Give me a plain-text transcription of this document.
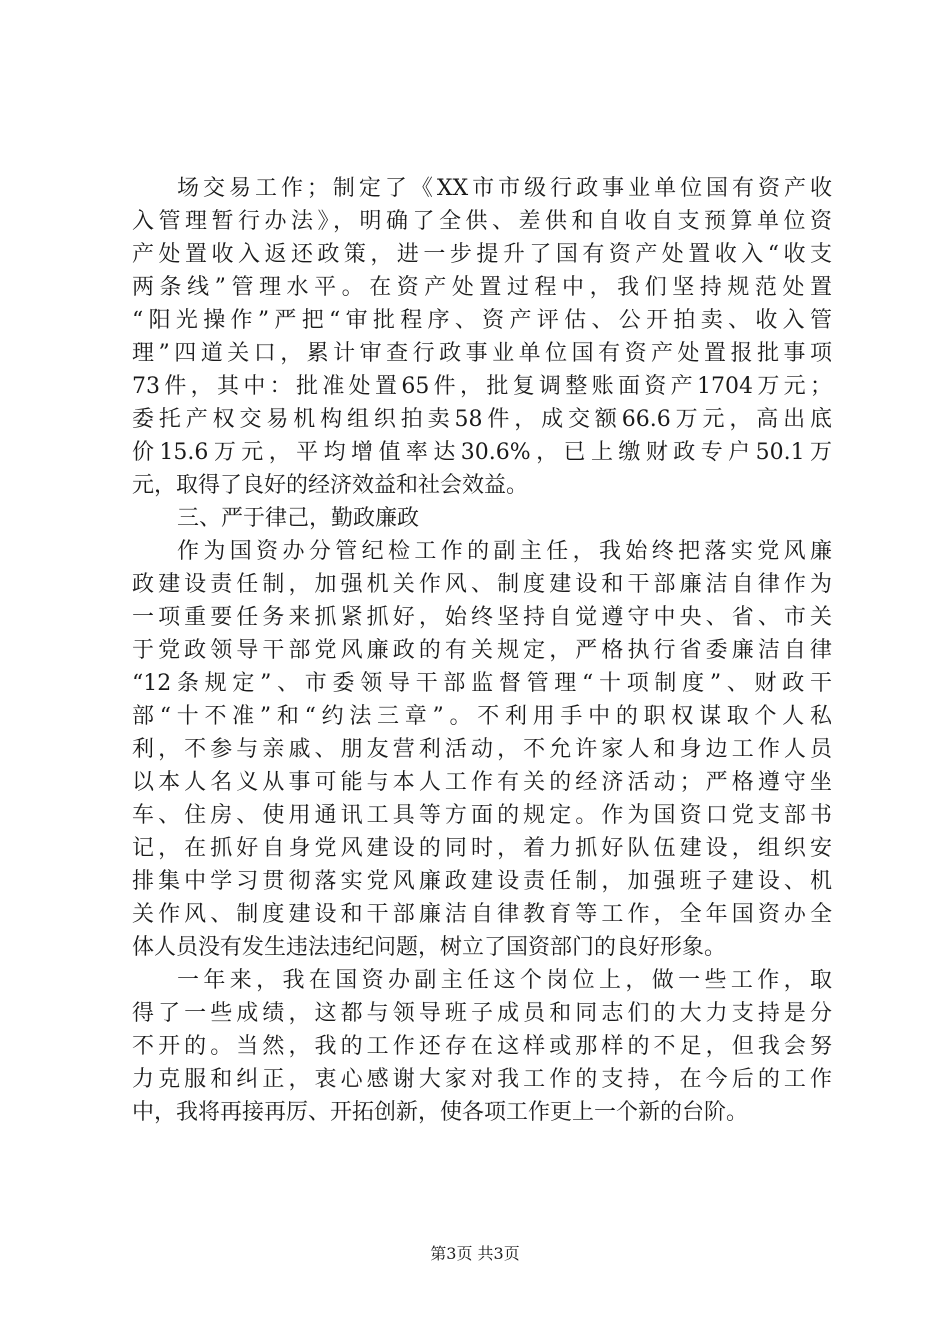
场交易工作；制定了《XX市市级行政事业单位国有资产收
入管理暂行办法》，明确了全供、差供和自收自支预算单位资
产处置收入返还政策，进一步提升了国有资产处置收入“收支
两条线”管理水平。在资产处置过程中，我们坚持规范处置
“阳光操作”严把“审批程序、资产评估、公开拍卖、收入管
理”四道关口，累计审查行政事业单位国有资产处置报批事项
73件，其中：批准处置65件，批复调整账面资产1704万元；
委托产权交易机构组织拍卖58件，成交额66.6万元，高出底
价15.6万元，平均增值率达30.6%，已上缴财政专户50.1万
元，取得了良好的经济效益和社会效益。
三、严于律己，勤政廉政
作为国资办分管纪检工作的副主任，我始终把落实党风廉
政建设责任制，加强机关作风、制度建设和干部廉洁自律作为
一项重要任务来抓紧抓好，始终坚持自觉遵守中央、省、市关
于党政领导干部党风廉政的有关规定，严格执行省委廉洁自律
“12条规定”、市委领导干部监督管理“十项制度”、财政干
部“十不准”和“约法三章”。不利用手中的职权谋取个人私
利，不参与亲戚、朋友营利活动，不允许家人和身边工作人员
以本人名义从事可能与本人工作有关的经济活动；严格遵守坐
车、住房、使用通讯工具等方面的规定。作为国资口党支部书
记，在抓好自身党风建设的同时，着力抓好队伍建设，组织安
排集中学习贯彻落实党风廉政建设责任制，加强班子建设、机
关作风、制度建设和干部廉洁自律教育等工作，全年国资办全
体人员没有发生违法违纪问题，树立了国资部门的良好形象。
一年来，我在国资办副主任这个岗位上，做一些工作，取
得了一些成绩，这都与领导班子成员和同志们的大力支持是分
不开的。当然，我的工作还存在这样或那样的不足，但我会努
力克服和纠正，衷心感谢大家对我工作的支持，在今后的工作
中，我将再接再厉、开拓创新，使各项工作更上一个新的台阶。
第3页 共3页
